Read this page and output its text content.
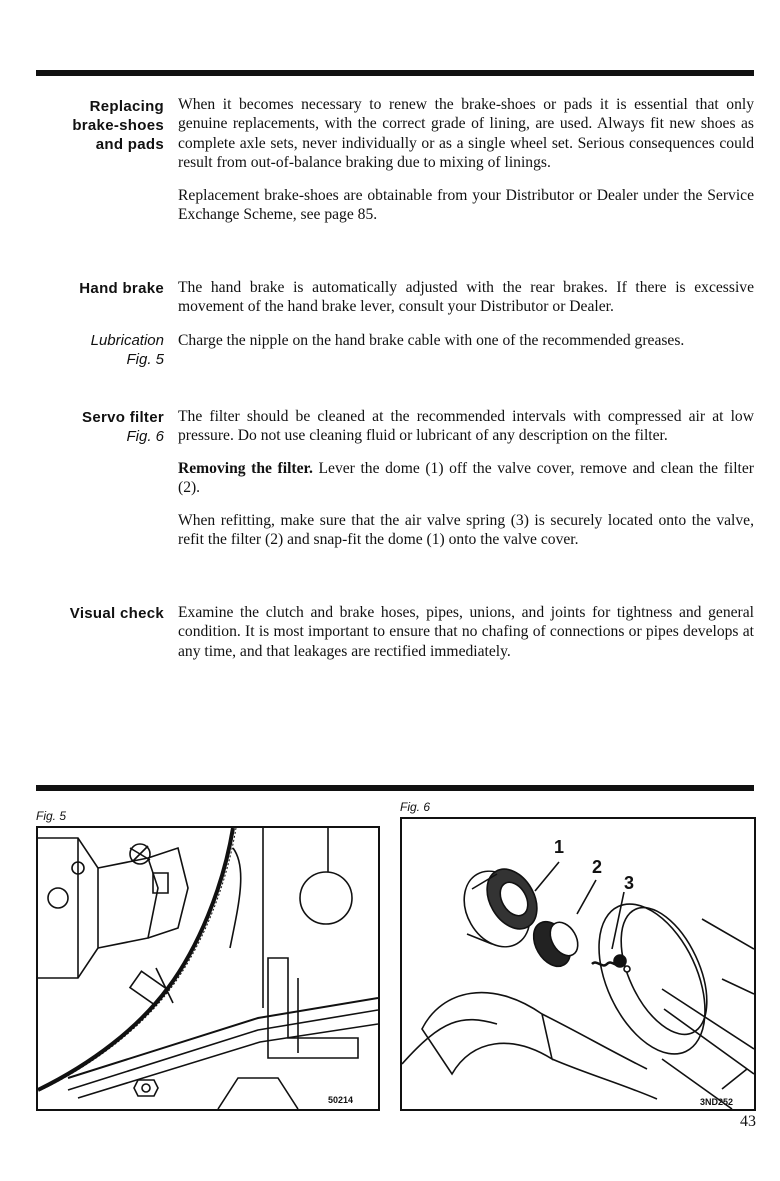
Replacing
brake-shoes
and pads

When it becomes necessary to renew the brake-shoes or pads it is essential that only genuine replacements, with the correct grade of lining, are used. Always fit new shoes as complete axle sets, never individually or as a single wheel set. Serious consequences could result from out-of-balance braking due to mixing of linings.

Replacement brake-shoes are obtainable from your Distributor or Dealer under the Service Exchange Scheme, see page 85.

Hand brake The hand brake is automatically adjusted with the rear brakes. If there is excessive movement of the hand brake lever, consult your Distributor or Dealer.

Lubrication
Fig. 5

Charge the nipple on the hand brake cable with one of the recommended greases.

Servo filter
Fig. 6

The filter should be cleaned at the recommended intervals with compressed air at low pressure. Do not use cleaning fluid or lubricant of any description on the filter.

Removing the filter. Lever the dome (1) off the valve cover, remove and clean the filter (2).

When refitting, make sure that the air valve spring (3) is securely located onto the valve, refit the filter (2) and snap-fit the dome (1) onto the valve cover.

Visual check Examine the clutch and brake hoses, pipes, unions, and joints for tightness and general condition. It is most important to ensure that no chafing of connections or pipes develops at any time, and that leakages are rectified immediately.

Fig. 5
50214
Fig. 6
1
2
3
3ND252
43
